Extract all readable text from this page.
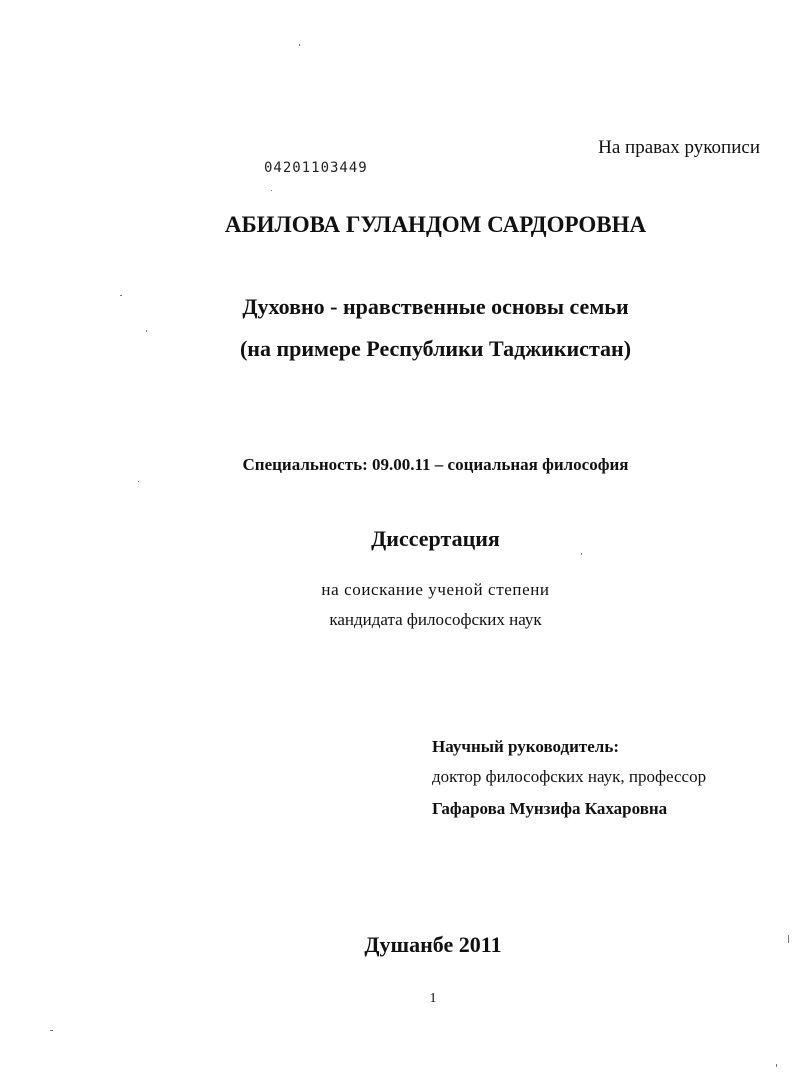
На правах рукописи
04201103449
АБИЛОВА ГУЛАНДОМ САРДОРОВНА
Духовно - нравственные основы семьи
(на примере Республики Таджикистан)
Специальность: 09.00.11 – социальная философия
Диссертация
на соискание ученой степени
кандидата философских наук
Научный руководитель:
доктор философских наук, профессор
Гафарова Мунзифа Кахаровна
Душанбе 2011
1
